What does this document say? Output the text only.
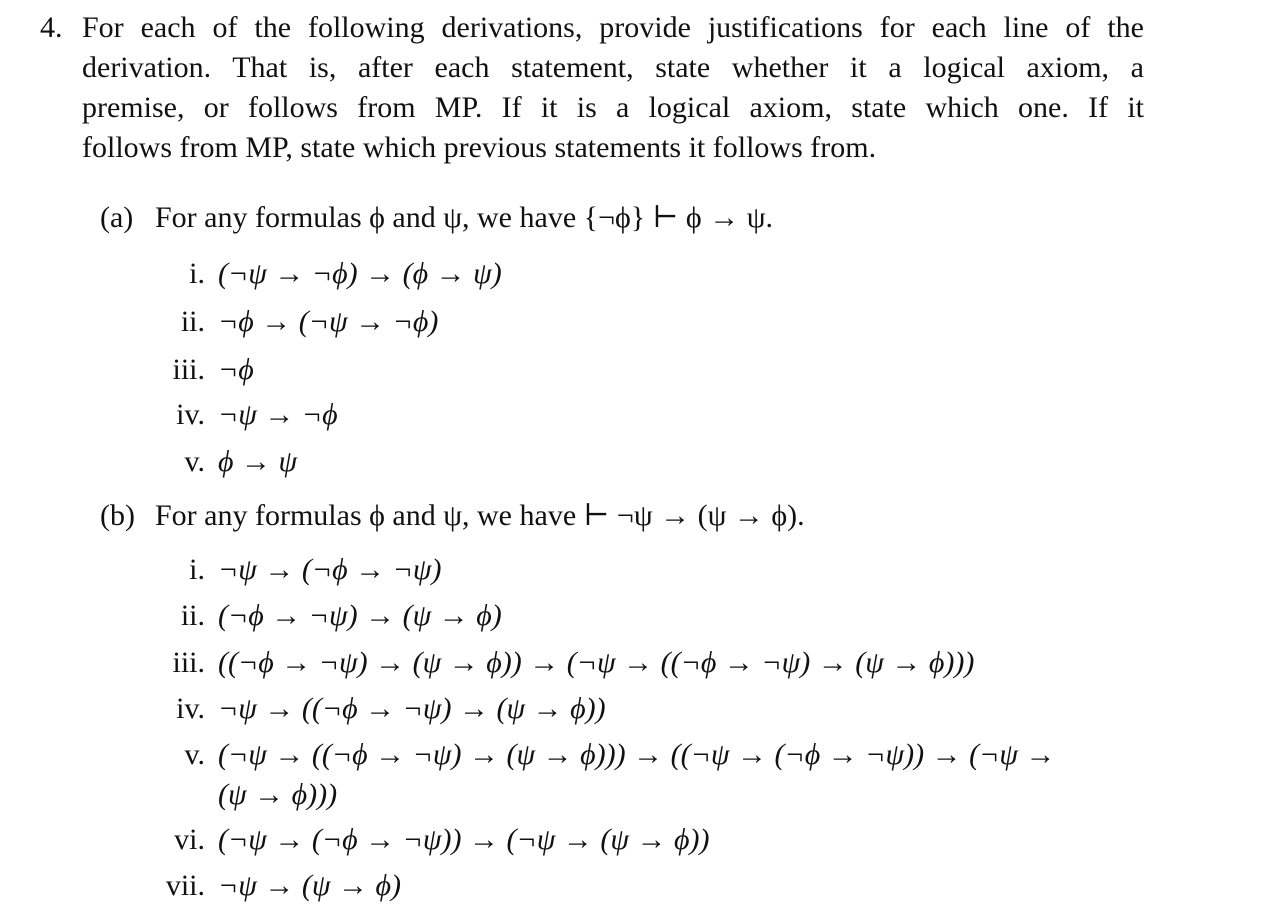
4. For each of the following derivations, provide justifications for each line of the
derivation. That is, after each statement, state whether it a logical axiom, a
premise, or follows from MP. If it is a logical axiom, state which one. If it
follows from MP, state which previous statements it follows from.
(a) For any formulas ϕ and ψ, we have {¬ϕ} ⊢ ϕ → ψ.
i. (¬ψ → ¬ϕ) → (ϕ → ψ)
ii. ¬ϕ → (¬ψ → ¬ϕ)
iii. ¬ϕ
iv. ¬ψ → ¬ϕ
v. ϕ → ψ
(b) For any formulas ϕ and ψ, we have ⊢ ¬ψ → (ψ → ϕ).
i. ¬ψ → (¬ϕ → ¬ψ)
ii. (¬ϕ → ¬ψ) → (ψ → ϕ)
iii. ((¬ϕ → ¬ψ) → (ψ → ϕ)) → (¬ψ → ((¬ϕ → ¬ψ) → (ψ → ϕ)))
iv. ¬ψ → ((¬ϕ → ¬ψ) → (ψ → ϕ))
v. (¬ψ → ((¬ϕ → ¬ψ) → (ψ → ϕ))) → ((¬ψ → (¬ϕ → ¬ψ)) → (¬ψ →
(ψ → ϕ)))
vi. (¬ψ → (¬ϕ → ¬ψ)) → (¬ψ → (ψ → ϕ))
vii. ¬ψ → (ψ → ϕ)
